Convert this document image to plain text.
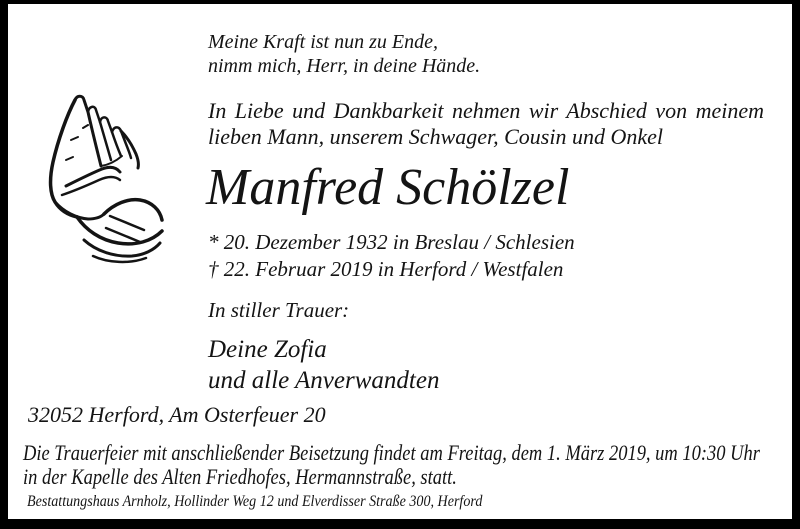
Meine Kraft ist nun zu Ende,
nimm mich, Herr, in deine Hände.
In Liebe und Dankbarkeit nehmen wir Abschied von meinem
lieben Mann, unserem Schwager, Cousin und Onkel
Manfred Schölzel
* 20. Dezember 1932 in Breslau / Schlesien
† 22. Februar 2019 in Herford / Westfalen
In stiller Trauer:
Deine Zofia
und alle Anverwandten
32052 Herford, Am Osterfeuer 20
Die Trauerfeier mit anschließender Beisetzung findet am Freitag, dem 1. März 2019, um 10:30 Uhr
in der Kapelle des Alten Friedhofes, Hermannstraße, statt.
Bestattungshaus Arnholz, Hollinder Weg 12 und Elverdisser Straße 300, Herford
